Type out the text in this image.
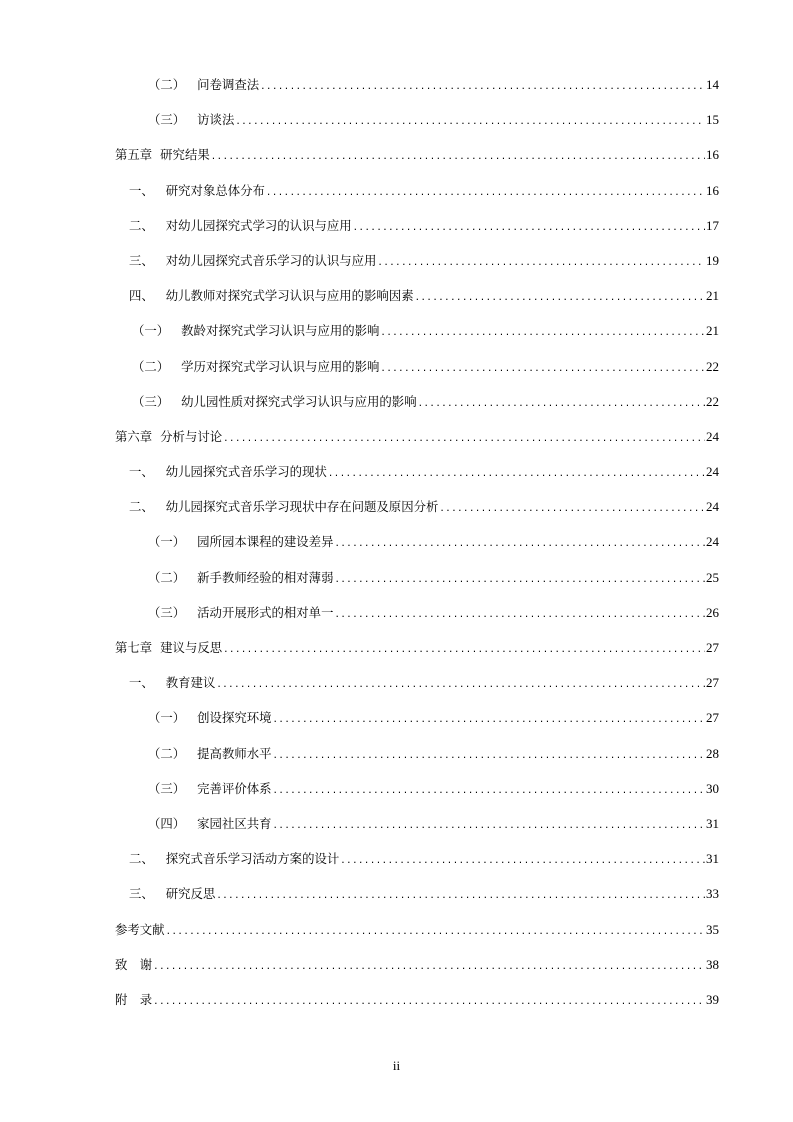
（二） 问卷调查法 .....	14
（三） 访谈法 .....	15
第五章 研究结果 .....	16
一、 研究对象总体分布 .....	16
二、 对幼儿园探究式学习的认识与应用 .....	17
三、 对幼儿园探究式音乐学习的认识与应用 .....	19
四、 幼儿教师对探究式学习认识与应用的影响因素 .....	21
（一） 教龄对探究式学习认识与应用的影响 .....	21
（二） 学历对探究式学习认识与应用的影响 .....	22
（三） 幼儿园性质对探究式学习认识与应用的影响 .....	22
第六章 分析与讨论 .....	24
一、 幼儿园探究式音乐学习的现状 .....	24
二、 幼儿园探究式音乐学习现状中存在问题及原因分析 .....	24
（一） 园所园本课程的建设差异 .....	24
（二） 新手教师经验的相对薄弱 .....	25
（三） 活动开展形式的相对单一 .....	26
第七章 建议与反思 .....	27
一、 教育建议 .....	27
（一） 创设探究环境 .....	27
（二） 提高教师水平 .....	28
（三） 完善评价体系 .....	30
（四） 家园社区共育 .....	31
二、 探究式音乐学习活动方案的设计 .....	31
三、 研究反思 .....	33
参考文献 .....	35
致　谢 .....	38
附　录 .....	39
ii
